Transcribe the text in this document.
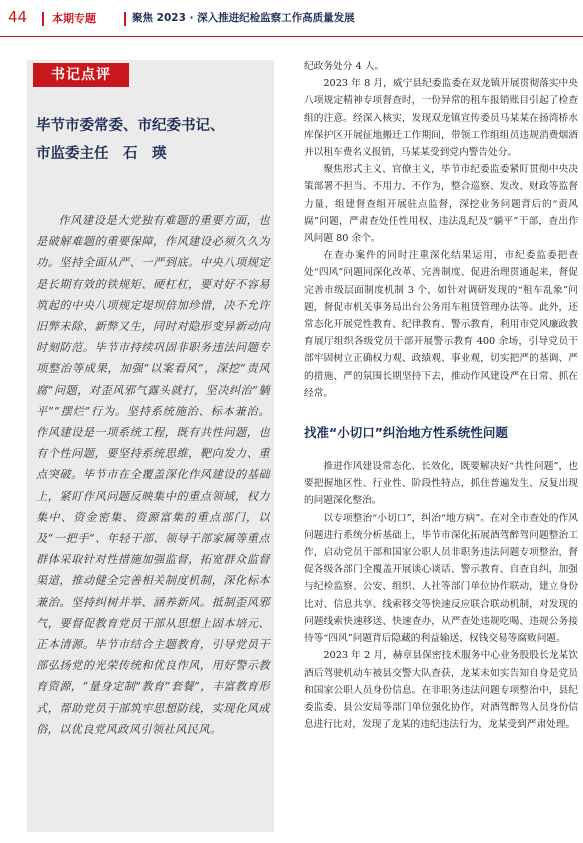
44 本期专题	聚焦 2023 · 深入推进纪检监察工作高质量发展
书记点评
毕节市委常委、市纪委书记、
市监委主任　石　瑛

作风建设是大党独有难题的重要方面，也是破解难题的重要保障，作风建设必须久久为功。坚持全面从严、一严到底。中央八项规定是长期有效的铁规矩、硬杠杠，要对好不容易筑起的中央八项规定堤坝倍加珍惜，决不允许旧弊未除、新弊又生，同时对隐形变异新动向时刻防范。毕节市持续巩固非职务违法问题专项整治等成果，加强“以案看风”，深挖“责风腐”问题，对歪风邪气露头就打，坚决纠治“躺平”“摆烂”行为。坚持系统施治、标本兼治。作风建设是一项系统工程，既有共性问题，也有个性问题，要坚持系统思维，靶向发力、重点突破。毕节市在全覆盖深化作风建设的基础上，紧盯作风问题反映集中的重点领域，权力集中、资金密集、资源富集的重点部门，以及“一把手”、年轻干部、领导干部家属等重点群体采取针对性措施加强监督，拓宽群众监督渠道，推动健全完善相关制度机制，深化标本兼治。坚持纠树并举、涵养新风。抵制歪风邪气，要督促教育党员干部从思想上固本培元、正本清源。毕节市结合主题教育，引导党员干部弘扬党的光荣传统和优良作风，用好警示教育资源，“量身定制”教育“套餐”，丰富教育形式，帮助党员干部筑牢思想防线，实现化风成俗，以优良党风政风引领社风民风。

纪政务处分 4 人。

2023 年 8 月，威宁县纪委监委在双龙镇开展贯彻落实中央八项规定精神专项督查时，一份异常的租车报销账目引起了检查组的注意。经深入核实，发现双龙镇宣传委员马某某在扬湾桥水库保护区开展征地搬迁工作期间，带领工作组组员违规消费烟酒并以租车费名义报销，马某某受到党内警告处分。

聚焦形式主义、官僚主义，毕节市纪委监委紧盯贯彻中央决策部署不担当、不用力、不作为，整合巡察、发改、财政等监督力量，组建督查组开展驻点监督，深挖业务问题背后的“责风腐”问题，严肃查处任性用权、违法乱纪及“躺平”干部，查出作风问题 80 余个。

在查办案件的同时注重深化结果运用，市纪委监委把查处“四风”问题同深化改革、完善制度、促进治理贯通起来，督促完善市级层面制度机制 3 个，如针对调研发现的“租车乱象”问题，督促市机关事务局出台公务用车租赁管理办法等。此外，还常态化开展党性教育、纪律教育、警示教育，利用市党风廉政教育展厅组织各级党员干部开展警示教育 400 余场，引导党员干部牢固树立正确权力观、政绩观、事业观，切实把严的基调、严的措施、严的氛围长期坚持下去，推动作风建设严在日常、抓在经常。

找准“小切口”纠治地方性系统性问题

推进作风建设常态化、长效化，既要解决好“共性问题”，也要把握地区性、行业性、阶段性特点，抓住普遍发生、反复出现的问题深化整治。

以专项整治“小切口”，纠治“地方病”。在对全市查处的作风问题进行系统分析基础上，毕节市深化拓展酒驾醉驾问题整治工作，启动党员干部和国家公职人员非职务违法问题专项整治，督促各级各部门全覆盖开展谈心谈话、警示教育、自查自纠，加强与纪检监察、公安、组织、人社等部门单位协作联动，建立身份比对、信息共享、线索移交等快速反应联合联动机制，对发现的问题线索快速移送、快速查办，从严查处违规吃喝、违规公务接待等“四风”问题背后隐藏的利益输送、权钱交易等腐败问题。

2023 年 2 月，赫章县保密技术服务中心业务股股长龙某饮酒后驾驶机动车被县交警大队查获，龙某未如实告知自身是党员和国家公职人员身份信息。在非职务违法问题专项整治中，县纪委监委、县公安局等部门单位强化协作，对酒驾醉驾人员身份信息进行比对，发现了龙某的违纪违法行为，龙某受到严肃处理。
